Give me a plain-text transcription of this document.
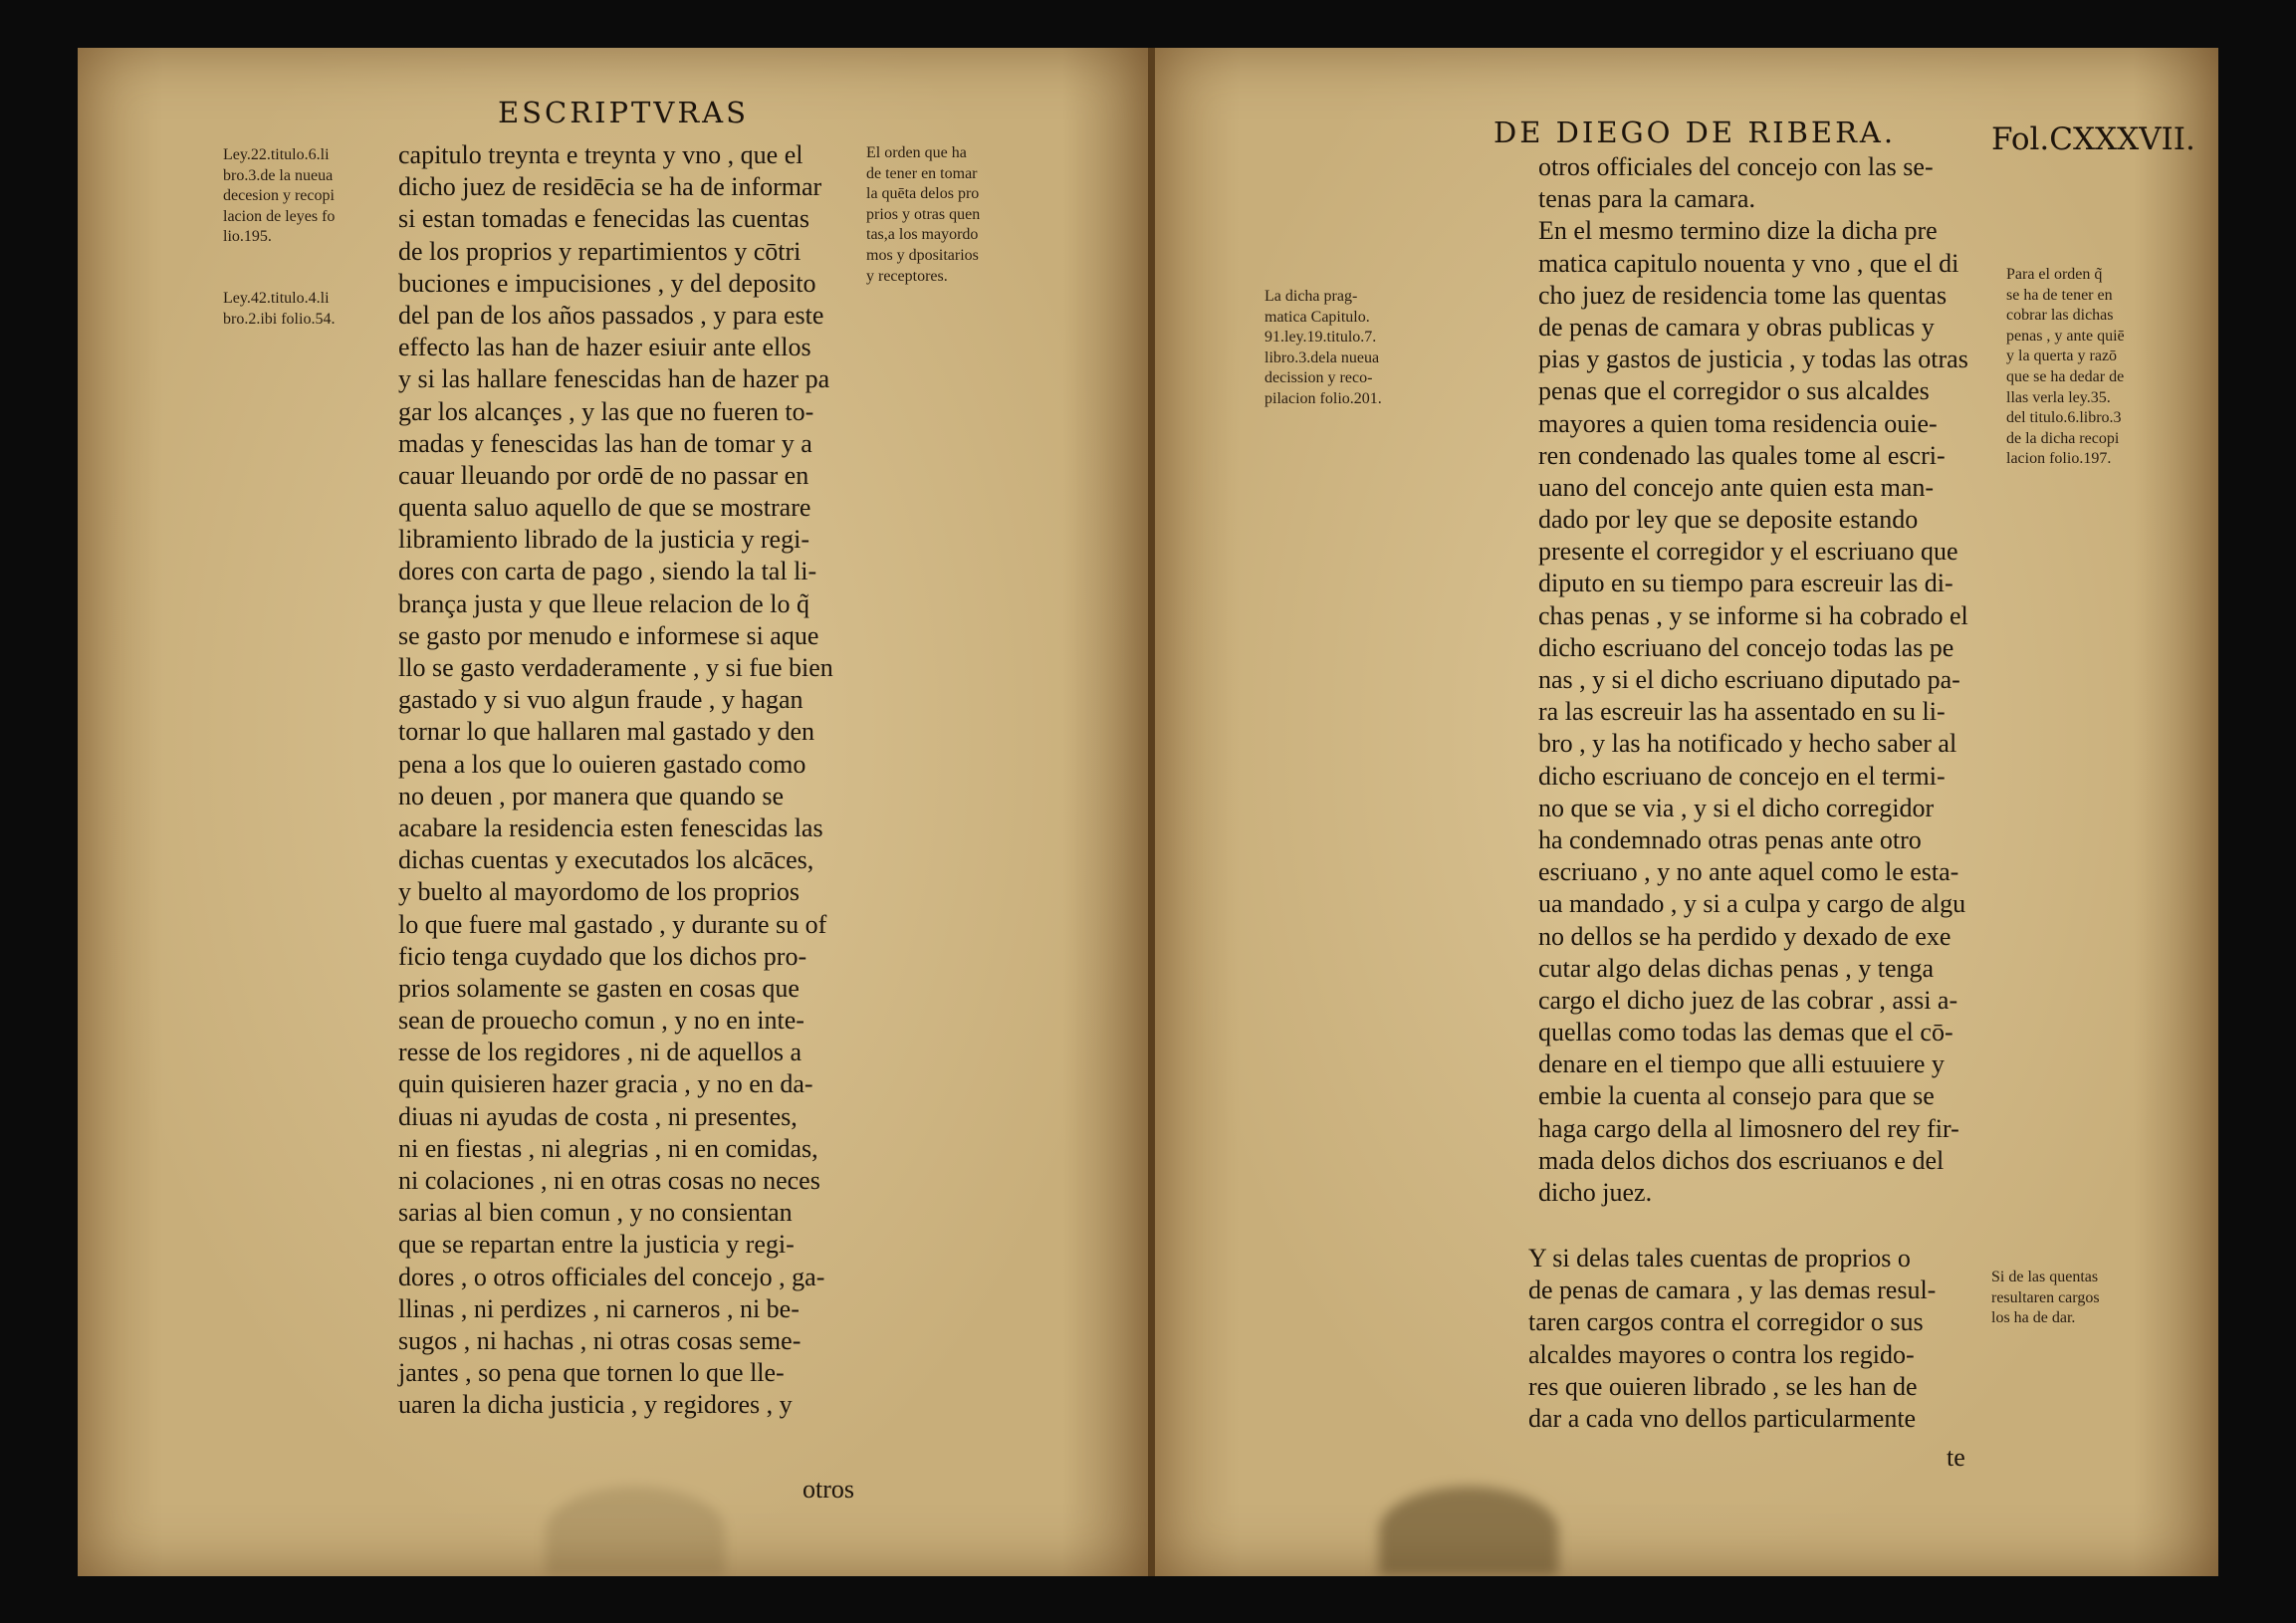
ESCRIPTVRAS
Ley.22.titulo.6.li
bro.3.de la nueua
decesion y recopi
lacion de leyes fo
lio.195.
Ley.42.titulo.4.li
bro.2.ibi folio.54.
El orden que ha
de tener en tomar
la quēta delos pro
prios y otras quen
tas,a los mayordo
mos y dpositarios
y receptores.
capitulo treynta e treynta y vno , que el
dicho juez de residēcia se ha de informar
si estan tomadas e fenecidas las cuentas
de los proprios y repartimientos y cōtri
buciones e impucisiones , y del deposito
del pan de los años passados , y para este
effecto las han de hazer esiuir ante ellos
y si las hallare fenescidas han de hazer pa
gar los alcançes , y las que no fueren to-
madas y fenescidas las han de tomar y a
cauar lleuando por ordē de no passar en
quenta saluo aquello de que se mostrare
libramiento librado de la justicia y regi-
dores con carta de pago , siendo la tal li-
brança justa y que lleue relacion de lo q̃
se gasto por menudo e informese si aque
llo se gasto verdaderamente , y si fue bien
gastado y si vuo algun fraude , y hagan
tornar lo que hallaren mal gastado y den
pena a los que lo ouieren gastado como
no deuen , por manera que quando se
acabare la residencia esten fenescidas las
dichas cuentas y executados los alcāces,
y buelto al mayordomo de los proprios
lo que fuere mal gastado , y durante su of
ficio tenga cuydado que los dichos pro-
prios solamente se gasten en cosas que
sean de prouecho comun , y no en inte-
resse de los regidores , ni de aquellos a
quin quisieren hazer gracia , y no en da-
diuas ni ayudas de costa , ni presentes,
ni en fiestas , ni alegrias , ni en comidas,
ni colaciones , ni en otras cosas no neces
sarias al bien comun , y no consientan
que se repartan entre la justicia y regi-
dores , o otros officiales del concejo , ga-
llinas , ni perdizes , ni carneros , ni be-
sugos , ni hachas , ni otras cosas seme-
jantes , so pena que tornen lo que lle-
uaren la dicha justicia , y regidores , y
otros
DE DIEGO DE RIBERA.	Fol.CXXXVII.
La dicha prag-
matica Capitulo.
91.ley.19.titulo.7.
libro.3.dela nueua
decission y reco-
pilacion folio.201.
Para el orden q̃
se ha de tener en
cobrar las dichas
penas , y ante quiē
y la querta y razō
que se ha dedar de
llas verla ley.35.
del titulo.6.libro.3
de la dicha recopi
lacion folio.197.
Si de las quentas
resultaren cargos
los ha de dar.
otros officiales del concejo con las se-
tenas para la camara.
En el mesmo termino dize la dicha pre
matica capitulo nouenta y vno , que el di
cho juez de residencia tome las quentas
de penas de camara y obras publicas y
pias y gastos de justicia , y todas las otras
penas que el corregidor o sus alcaldes
mayores a quien toma residencia ouie-
ren condenado las quales tome al escri-
uano del concejo ante quien esta man-
dado por ley que se deposite estando
presente el corregidor y el escriuano que
diputo en su tiempo para escreuir las di-
chas penas , y se informe si ha cobrado el
dicho escriuano del concejo todas las pe
nas , y si el dicho escriuano diputado pa-
ra las escreuir las ha assentado en su li-
bro , y las ha notificado y hecho saber al
dicho escriuano de concejo en el termi-
no que se via , y si el dicho corregidor
ha condemnado otras penas ante otro
escriuano , y no ante aquel como le esta-
ua mandado , y si a culpa y cargo de algu
no dellos se ha perdido y dexado de exe
cutar algo delas dichas penas , y tenga
cargo el dicho juez de las cobrar , assi a-
quellas como todas las demas que el cō-
denare en el tiempo que alli estuuiere y
embie la cuenta al consejo para que se
haga cargo della al limosnero del rey fir-
mada delos dichos dos escriuanos e del
dicho juez.
Y si delas tales cuentas de proprios o
de penas de camara , y las demas resul-
taren cargos contra el corregidor o sus
alcaldes mayores o contra los regido-
res que ouieren librado , se les han de
dar a cada vno dellos particularmente
te
